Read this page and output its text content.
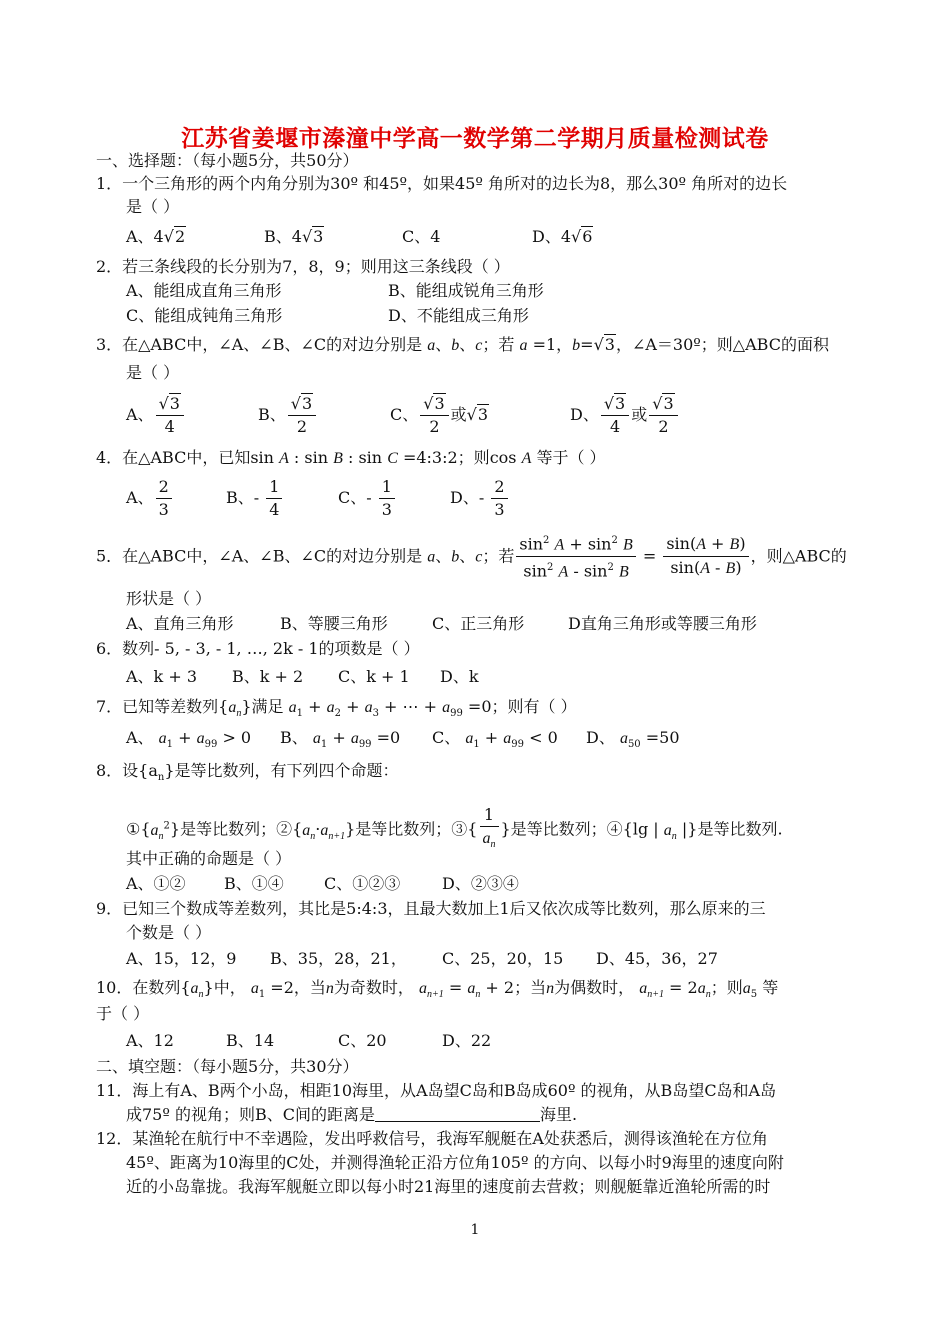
江苏省姜堰市溱潼中学高一数学第二学期月质量检测试卷
一、选择题：（每小题5分，共50分）
1．一个三角形的两个内角分别为30º 和45º，如果45º 角所对的边长为8，那么30º 角所对的边长
是（ ）
A、4√2	B、4√3	C、4	D、4√6
2．若三条线段的长分别为7，8，9；则用这三条线段（ ）
A、能组成直角三角形	B、能组成锐角三角形
C、能组成钝角三角形	D、不能组成三角形
3．在△ABC中，∠A、∠B、∠C的对边分别是 a、b、c；若 a =1，b=√3，∠A＝30º；则△ABC的面积
是（ ）
A、 $\frac{√3}{4}$	B、 $\frac{√3}{2}$	C、 $\frac{√3}{2}$ 或√3	D、 $\frac{√3}{4}$ 或 $\frac{√3}{2}$
4．在△ABC中，已知sin A : sin B : sin C =4:3:2；则cos A 等于（ ）
A、 $\frac{2}{3}$	B、- $\frac{1}{4}$	C、- $\frac{1}{3}$	D、- $\frac{2}{3}$
5．在△ABC中，∠A、∠B、∠C的对边分别是 a、b、c；若 $\frac{\sin^2 A + \sin^2 B}{\sin^2 A - \sin^2 B} = \frac{\sin(A + B)}{\sin(A - B)}$ ，则△ABC的
形状是（ ）
A、直角三角形	B、等腰三角形	C、正三角形	D直角三角形或等腰三角形
6．数列- 5, - 3, - 1, …, 2k - 1的项数是（ ）
A、k + 3 B、k + 2 C、k + 1 D、k
7．已知等差数列$\{a_n\}$满足 $a_1 + a_2 + a_3$ + ⋯ + $a_{99} =0$；则有（ ）
A、 $a_1 + a_{99} > 0$ B、 $a_1 + a_{99} =0$ C、 $a_1 + a_{99} < 0$ D、 $a_{50} =50$
8．设$\{a_n\}$是等比数列，有下列四个命题：
$①\{a_n^2\}$是等比数列；$②\{a_n\cdot a_{n+1}\}$是等比数列；③{ $\frac{1}{a_n}$ }是等比数列；④{lg | $a_n$ |}是等比数列.
其中正确的命题是（ ）
A、①② B、①④	C、①②③	D、②③④
9．已知三个数成等差数列，其比是5:4:3，且最大数加上1后又依次成等比数列，那么原来的三
个数是（ ）
A、15，12，9 B、35，28，21， C、25，20，15 D、45，36，27
10．在数列$\{a_n\}$中， $a_1 =2$，当n为奇数时， $a_{n+1} = a_n + 2$；当n为偶数时， $a_{n+1} = 2a_n$；则$a_5$ 等
于（ ）
A、12	B、14	C、20	D、22
二、填空题：（每小题5分，共30分）
11．海上有A、B两个小岛，相距10海里，从A岛望C岛和B岛成60º 的视角，从B岛望C岛和A岛
成75º 的视角；则B、C间的距离是	海里.
12．某渔轮在航行中不幸遇险，发出呼救信号，我海军舰艇在A处获悉后，测得该渔轮在方位角
45º、距离为10海里的C处，并测得渔轮正沿方位角105º 的方向、以每小时9海里的速度向附
近的小岛靠拢。我海军舰艇立即以每小时21海里的速度前去营救；则舰艇靠近渔轮所需的时
1
